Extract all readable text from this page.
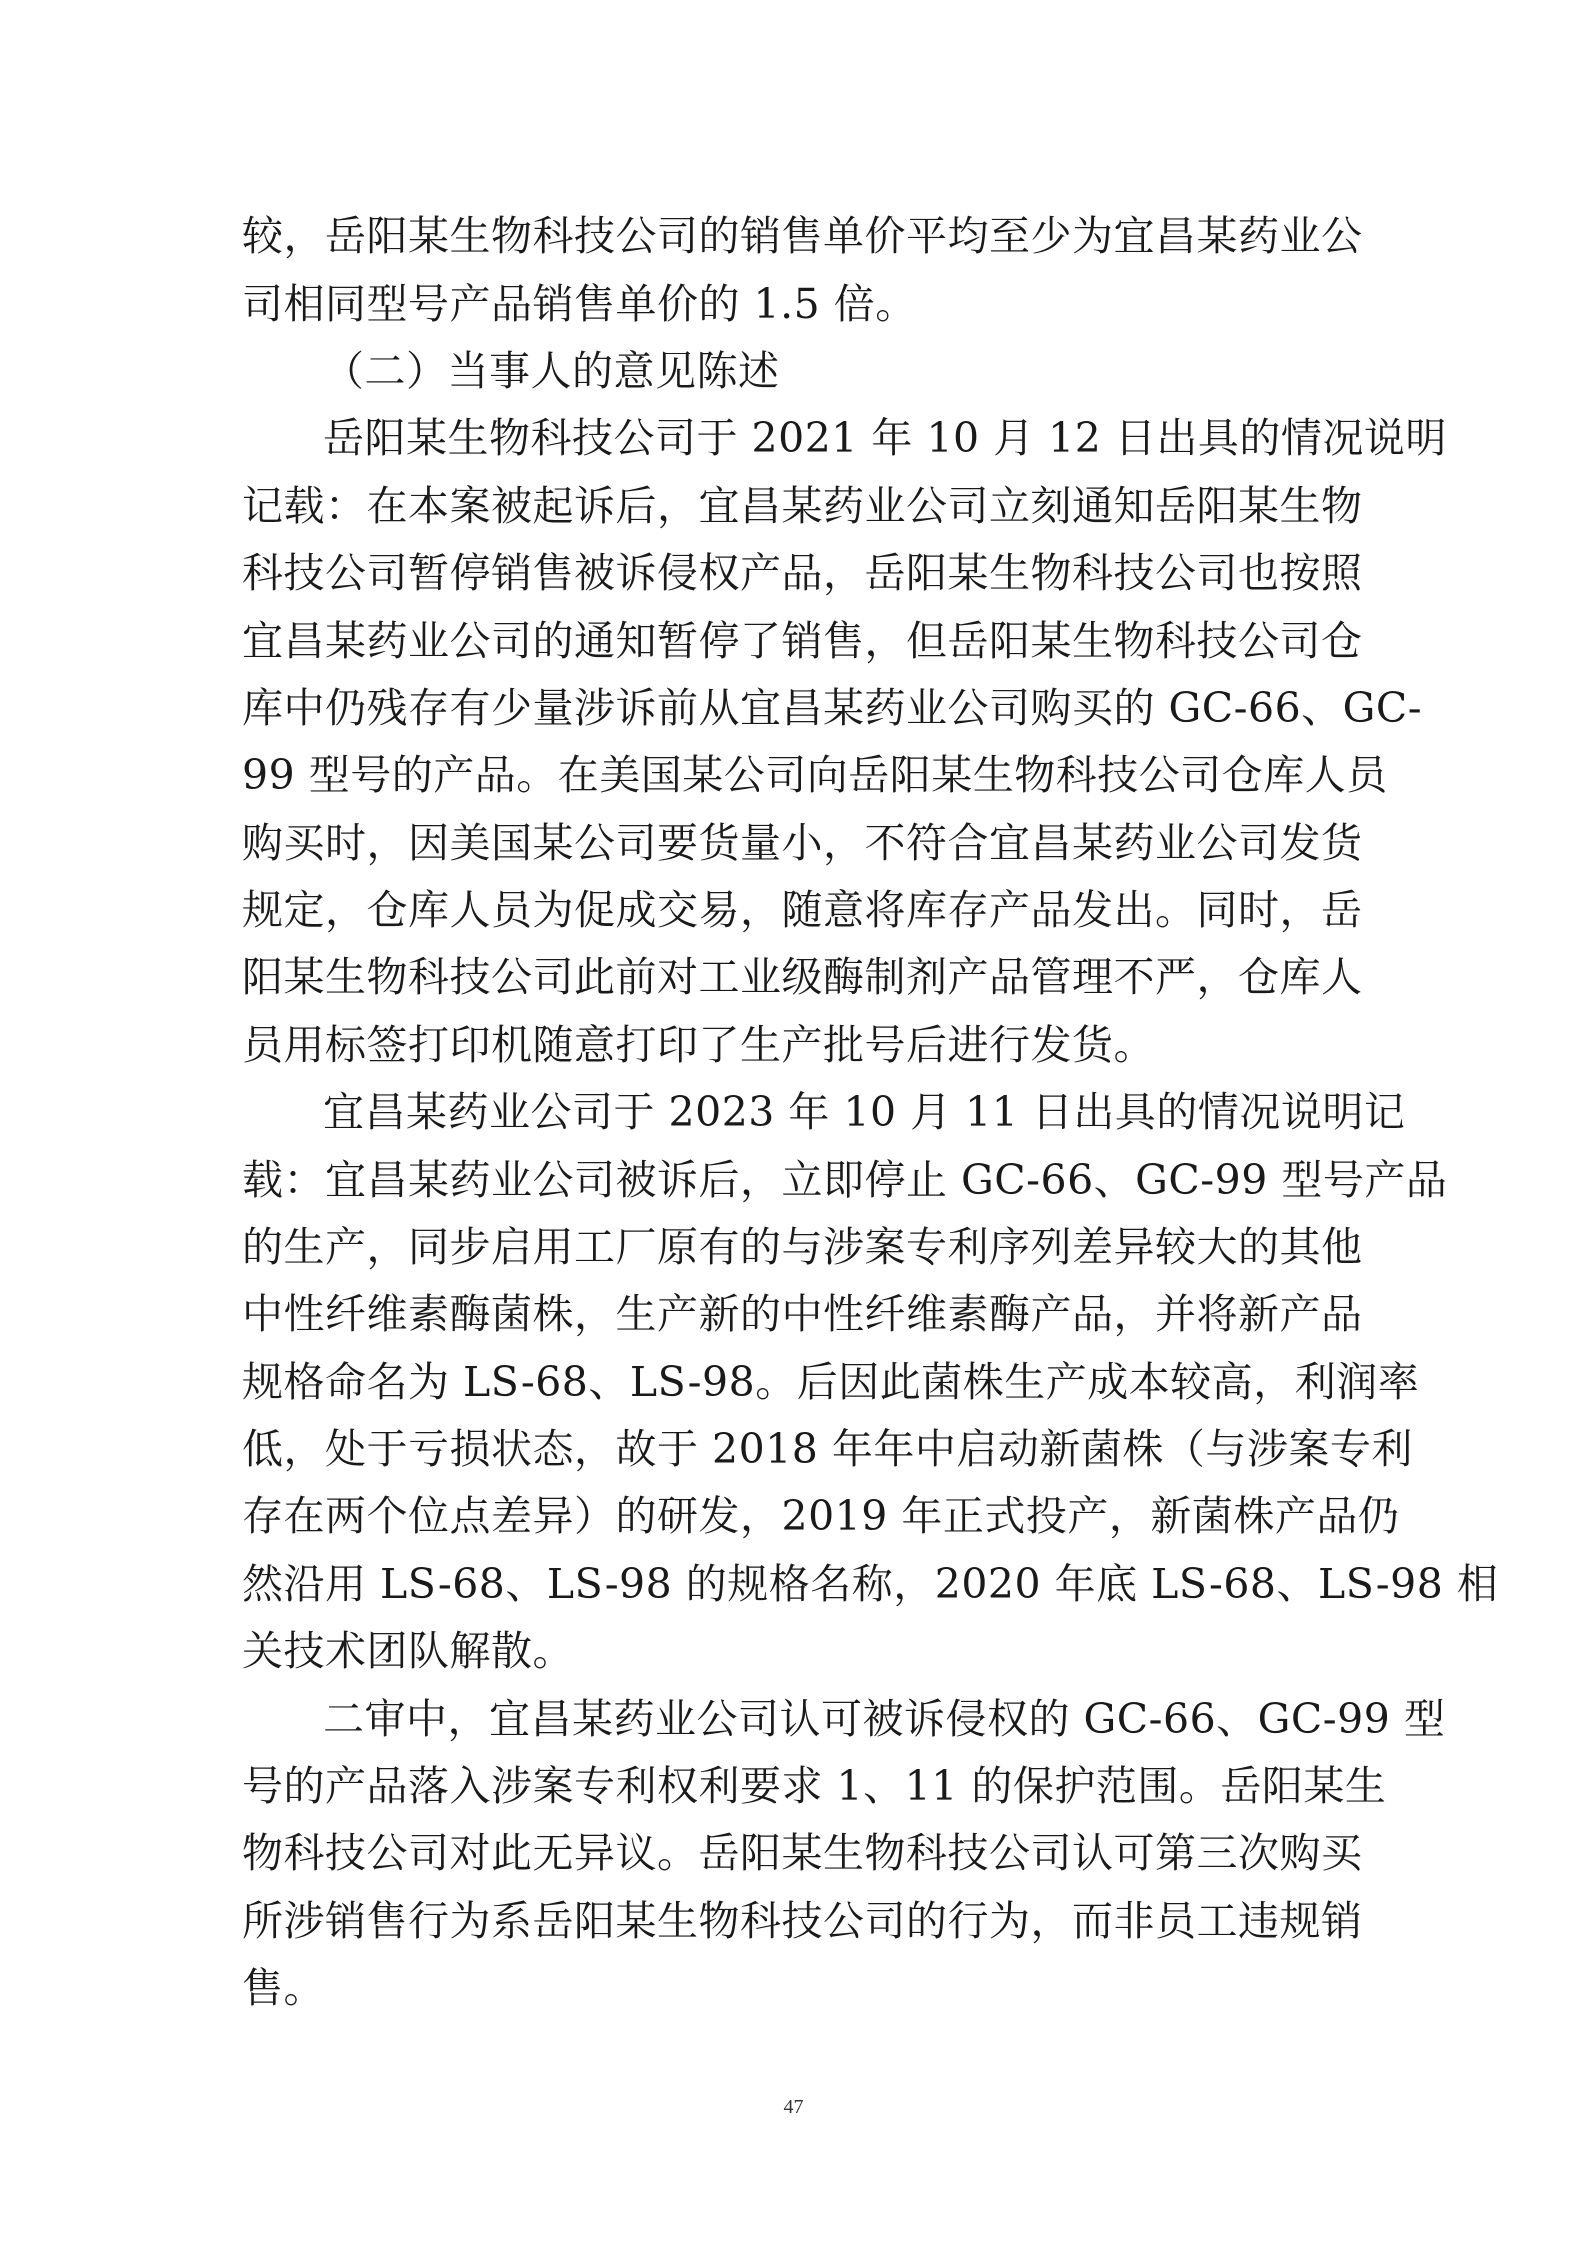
较，岳阳某生物科技公司的销售单价平均至少为宜昌某药业公
司相同型号产品销售单价的 1.5 倍。
（二）当事人的意见陈述
岳阳某生物科技公司于 2021 年 10 月 12 日出具的情况说明
记载：在本案被起诉后，宜昌某药业公司立刻通知岳阳某生物
科技公司暂停销售被诉侵权产品，岳阳某生物科技公司也按照
宜昌某药业公司的通知暂停了销售，但岳阳某生物科技公司仓
库中仍残存有少量涉诉前从宜昌某药业公司购买的 GC-66、GC-
99 型号的产品。在美国某公司向岳阳某生物科技公司仓库人员
购买时，因美国某公司要货量小，不符合宜昌某药业公司发货
规定，仓库人员为促成交易，随意将库存产品发出。同时，岳
阳某生物科技公司此前对工业级酶制剂产品管理不严，仓库人
员用标签打印机随意打印了生产批号后进行发货。
宜昌某药业公司于 2023 年 10 月 11 日出具的情况说明记
载：宜昌某药业公司被诉后，立即停止 GC-66、GC-99 型号产品
的生产，同步启用工厂原有的与涉案专利序列差异较大的其他
中性纤维素酶菌株，生产新的中性纤维素酶产品，并将新产品
规格命名为 LS-68、LS-98。后因此菌株生产成本较高，利润率
低，处于亏损状态，故于 2018 年年中启动新菌株（与涉案专利
存在两个位点差异）的研发，2019 年正式投产，新菌株产品仍
然沿用 LS-68、LS-98 的规格名称，2020 年底 LS-68、LS-98 相
关技术团队解散。
二审中，宜昌某药业公司认可被诉侵权的 GC-66、GC-99 型
号的产品落入涉案专利权利要求 1、11 的保护范围。岳阳某生
物科技公司对此无异议。岳阳某生物科技公司认可第三次购买
所涉销售行为系岳阳某生物科技公司的行为，而非员工违规销
售。
47
